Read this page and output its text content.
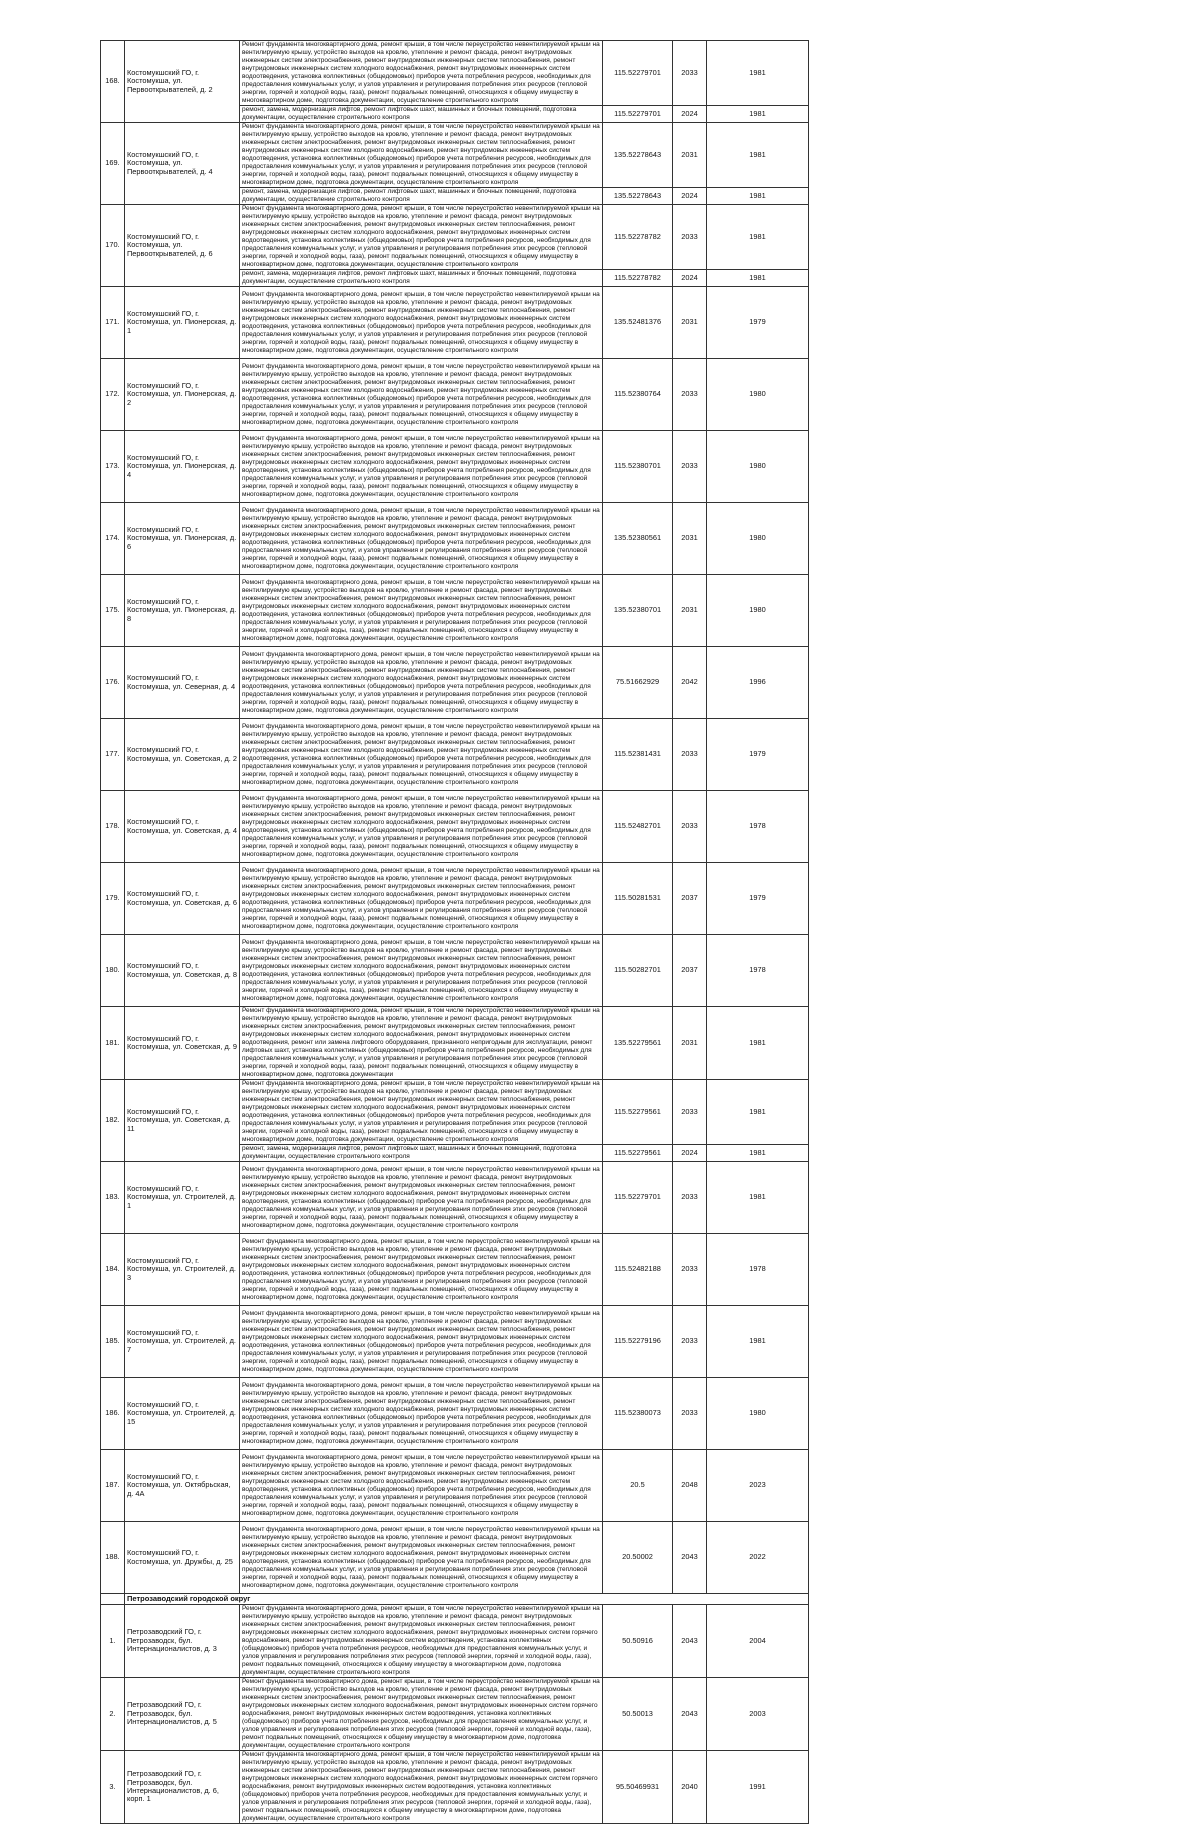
168.	Костомукшский ГО, г. Костомукша, ул. Первооткрывателей, д. 2	Ремонт фундамента многоквартирного дома, ремонт крыши, в том числе переустройство невентилируемой крыши на вентилируемую крышу, устройство выходов на кровлю, утепление и ремонт фасада, ремонт внутридомовых инженерных систем электроснабжения, ремонт внутридомовых инженерных систем теплоснабжения, ремонт внутридомовых инженерных систем холодного водоснабжения, ремонт внутридомовых инженерных систем водоотведения, установка коллективных (общедомовых) приборов учета потребления ресурсов, необходимых для предоставления коммунальных услуг, и узлов управления и регулирования потребления этих ресурсов (тепловой энергии, горячей и холодной воды, газа), ремонт подвальных помещений, относящихся к общему имуществу в многоквартирном доме, подготовка документации, осуществление строительного контроля	115.52279701	2033	1981

		ремонт, замена, модернизация лифтов, ремонт лифтовых шахт, машинных и блочных помещений, подготовка документации, осуществление строительного контроля	115.52279701	2024	1981
169.	Костомукшский ГО, г. Костомукша, ул. Первооткрывателей, д. 4	Ремонт фундамента многоквартирного дома, ремонт крыши, в том числе переустройство невентилируемой крыши на вентилируемую крышу, устройство выходов на кровлю, утепление и ремонт фасада, ремонт внутридомовых инженерных систем электроснабжения, ремонт внутридомовых инженерных систем теплоснабжения, ремонт внутридомовых инженерных систем холодного водоснабжения, ремонт внутридомовых инженерных систем водоотведения, установка коллективных (общедомовых) приборов учета потребления ресурсов, необходимых для предоставления коммунальных услуг, и узлов управления и регулирования потребления этих ресурсов (тепловой энергии, горячей и холодной воды, газа), ремонт подвальных помещений, относящихся к общему имуществу в многоквартирном доме, подготовка документации, осуществление строительного контроля	135.52278643	2031	1981

		ремонт, замена, модернизация лифтов, ремонт лифтовых шахт, машинных и блочных помещений, подготовка документации, осуществление строительного контроля	135.52278643	2024	1981
170.	Костомукшский ГО, г. Костомукша, ул. Первооткрывателей, д. 6	Ремонт фундамента многоквартирного дома, ремонт крыши, в том числе переустройство невентилируемой крыши на вентилируемую крышу, устройство выходов на кровлю, утепление и ремонт фасада, ремонт внутридомовых инженерных систем электроснабжения, ремонт внутридомовых инженерных систем теплоснабжения, ремонт внутридомовых инженерных систем холодного водоснабжения, ремонт внутридомовых инженерных систем водоотведения, установка коллективных (общедомовых) приборов учета потребления ресурсов, необходимых для предоставления коммунальных услуг, и узлов управления и регулирования потребления этих ресурсов (тепловой энергии, горячей и холодной воды, газа), ремонт подвальных помещений, относящихся к общему имуществу в многоквартирном доме, подготовка документации, осуществление строительного контроля	115.52278782	2033	1981

		ремонт, замена, модернизация лифтов, ремонт лифтовых шахт, машинных и блочных помещений, подготовка документации, осуществление строительного контроля	115.52278782	2024	1981
171.	Костомукшский ГО, г. Костомукша, ул. Пионерская, д. 1	Ремонт фундамента многоквартирного дома, ремонт крыши, в том числе переустройство невентилируемой крыши на вентилируемую крышу, устройство выходов на кровлю, утепление и ремонт фасада, ремонт внутридомовых инженерных систем электроснабжения, ремонт внутридомовых инженерных систем теплоснабжения, ремонт внутридомовых инженерных систем холодного водоснабжения, ремонт внутридомовых инженерных систем водоотведения, установка коллективных (общедомовых) приборов учета потребления ресурсов, необходимых для предоставления коммунальных услуг, и узлов управления и регулирования потребления этих ресурсов (тепловой энергии, горячей и холодной воды, газа), ремонт подвальных помещений, относящихся к общему имуществу в многоквартирном доме, подготовка документации, осуществление строительного контроля	135.52481376	2031	1979
172.	Костомукшский ГО, г. Костомукша, ул. Пионерская, д. 2	Ремонт фундамента многоквартирного дома, ремонт крыши, в том числе переустройство невентилируемой крыши на вентилируемую крышу, устройство выходов на кровлю, утепление и ремонт фасада, ремонт внутридомовых инженерных систем электроснабжения, ремонт внутридомовых инженерных систем теплоснабжения, ремонт внутридомовых инженерных систем холодного водоснабжения, ремонт внутридомовых инженерных систем водоотведения, установка коллективных (общедомовых) приборов учета потребления ресурсов, необходимых для предоставления коммунальных услуг, и узлов управления и регулирования потребления этих ресурсов (тепловой энергии, горячей и холодной воды, газа), ремонт подвальных помещений, относящихся к общему имуществу в многоквартирном доме, подготовка документации, осуществление строительного контроля	115.52380764	2033	1980
173.	Костомукшский ГО, г. Костомукша, ул. Пионерская, д. 4	Ремонт фундамента многоквартирного дома, ремонт крыши, в том числе переустройство невентилируемой крыши на вентилируемую крышу, устройство выходов на кровлю, утепление и ремонт фасада, ремонт внутридомовых инженерных систем электроснабжения, ремонт внутридомовых инженерных систем теплоснабжения, ремонт внутридомовых инженерных систем холодного водоснабжения, ремонт внутридомовых инженерных систем водоотведения, установка коллективных (общедомовых) приборов учета потребления ресурсов, необходимых для предоставления коммунальных услуг, и узлов управления и регулирования потребления этих ресурсов (тепловой энергии, горячей и холодной воды, газа), ремонт подвальных помещений, относящихся к общему имуществу в многоквартирном доме, подготовка документации, осуществление строительного контроля	115.52380701	2033	1980
174.	Костомукшский ГО, г. Костомукша, ул. Пионерская, д. 6	Ремонт фундамента многоквартирного дома, ремонт крыши, в том числе переустройство невентилируемой крыши на вентилируемую крышу, устройство выходов на кровлю, утепление и ремонт фасада, ремонт внутридомовых инженерных систем электроснабжения, ремонт внутридомовых инженерных систем теплоснабжения, ремонт внутридомовых инженерных систем холодного водоснабжения, ремонт внутридомовых инженерных систем водоотведения, установка коллективных (общедомовых) приборов учета потребления ресурсов, необходимых для предоставления коммунальных услуг, и узлов управления и регулирования потребления этих ресурсов (тепловой энергии, горячей и холодной воды, газа), ремонт подвальных помещений, относящихся к общему имуществу в многоквартирном доме, подготовка документации, осуществление строительного контроля	135.52380561	2031	1980
175.	Костомукшский ГО, г. Костомукша, ул. Пионерская, д. 8	Ремонт фундамента многоквартирного дома, ремонт крыши, в том числе переустройство невентилируемой крыши на вентилируемую крышу, устройство выходов на кровлю, утепление и ремонт фасада, ремонт внутридомовых инженерных систем электроснабжения, ремонт внутридомовых инженерных систем теплоснабжения, ремонт внутридомовых инженерных систем холодного водоснабжения, ремонт внутридомовых инженерных систем водоотведения, установка коллективных (общедомовых) приборов учета потребления ресурсов, необходимых для предоставления коммунальных услуг, и узлов управления и регулирования потребления этих ресурсов (тепловой энергии, горячей и холодной воды, газа), ремонт подвальных помещений, относящихся к общему имуществу в многоквартирном доме, подготовка документации, осуществление строительного контроля	135.52380701	2031	1980
176.	Костомукшский ГО, г. Костомукша, ул. Северная, д. 4	Ремонт фундамента многоквартирного дома, ремонт крыши, в том числе переустройство невентилируемой крыши на вентилируемую крышу, устройство выходов на кровлю, утепление и ремонт фасада, ремонт внутридомовых инженерных систем электроснабжения, ремонт внутридомовых инженерных систем теплоснабжения, ремонт внутридомовых инженерных систем холодного водоснабжения, ремонт внутридомовых инженерных систем водоотведения, установка коллективных (общедомовых) приборов учета потребления ресурсов, необходимых для предоставления коммунальных услуг, и узлов управления и регулирования потребления этих ресурсов (тепловой энергии, горячей и холодной воды, газа), ремонт подвальных помещений, относящихся к общему имуществу в многоквартирном доме, подготовка документации, осуществление строительного контроля	75.51662929	2042	1996
177.	Костомукшский ГО, г. Костомукша, ул. Советская, д. 2	Ремонт фундамента многоквартирного дома, ремонт крыши, в том числе переустройство невентилируемой крыши на вентилируемую крышу, устройство выходов на кровлю, утепление и ремонт фасада, ремонт внутридомовых инженерных систем электроснабжения, ремонт внутридомовых инженерных систем теплоснабжения, ремонт внутридомовых инженерных систем холодного водоснабжения, ремонт внутридомовых инженерных систем водоотведения, установка коллективных (общедомовых) приборов учета потребления ресурсов, необходимых для предоставления коммунальных услуг, и узлов управления и регулирования потребления этих ресурсов (тепловой энергии, горячей и холодной воды, газа), ремонт подвальных помещений, относящихся к общему имуществу в многоквартирном доме, подготовка документации, осуществление строительного контроля	115.52381431	2033	1979
178.	Костомукшский ГО, г. Костомукша, ул. Советская, д. 4	Ремонт фундамента многоквартирного дома, ремонт крыши, в том числе переустройство невентилируемой крыши на вентилируемую крышу, устройство выходов на кровлю, утепление и ремонт фасада, ремонт внутридомовых инженерных систем электроснабжения, ремонт внутридомовых инженерных систем теплоснабжения, ремонт внутридомовых инженерных систем холодного водоснабжения, ремонт внутридомовых инженерных систем водоотведения, установка коллективных (общедомовых) приборов учета потребления ресурсов, необходимых для предоставления коммунальных услуг, и узлов управления и регулирования потребления этих ресурсов (тепловой энергии, горячей и холодной воды, газа), ремонт подвальных помещений, относящихся к общему имуществу в многоквартирном доме, подготовка документации, осуществление строительного контроля	115.52482701	2033	1978
179.	Костомукшский ГО, г. Костомукша, ул. Советская, д. 6	Ремонт фундамента многоквартирного дома, ремонт крыши, в том числе переустройство невентилируемой крыши на вентилируемую крышу, устройство выходов на кровлю, утепление и ремонт фасада, ремонт внутридомовых инженерных систем электроснабжения, ремонт внутридомовых инженерных систем теплоснабжения, ремонт внутридомовых инженерных систем холодного водоснабжения, ремонт внутридомовых инженерных систем водоотведения, установка коллективных (общедомовых) приборов учета потребления ресурсов, необходимых для предоставления коммунальных услуг, и узлов управления и регулирования потребления этих ресурсов (тепловой энергии, горячей и холодной воды, газа), ремонт подвальных помещений, относящихся к общему имуществу в многоквартирном доме, подготовка документации, осуществление строительного контроля	115.50281531	2037	1979
180.	Костомукшский ГО, г. Костомукша, ул. Советская, д. 8	Ремонт фундамента многоквартирного дома, ремонт крыши, в том числе переустройство невентилируемой крыши на вентилируемую крышу, устройство выходов на кровлю, утепление и ремонт фасада, ремонт внутридомовых инженерных систем электроснабжения, ремонт внутридомовых инженерных систем теплоснабжения, ремонт внутридомовых инженерных систем холодного водоснабжения, ремонт внутридомовых инженерных систем водоотведения, установка коллективных (общедомовых) приборов учета потребления ресурсов, необходимых для предоставления коммунальных услуг, и узлов управления и регулирования потребления этих ресурсов (тепловой энергии, горячей и холодной воды, газа), ремонт подвальных помещений, относящихся к общему имуществу в многоквартирном доме, подготовка документации, осуществление строительного контроля	115.50282701	2037	1978
181.	Костомукшский ГО, г. Костомукша, ул. Советская, д. 9	Ремонт фундамента многоквартирного дома, ремонт крыши, в том числе переустройство невентилируемой крыши на вентилируемую крышу, устройство выходов на кровлю, утепление и ремонт фасада, ремонт внутридомовых инженерных систем электроснабжения, ремонт внутридомовых инженерных систем теплоснабжения, ремонт внутридомовых инженерных систем холодного водоснабжения, ремонт внутридомовых инженерных систем водоотведения, ремонт или замена лифтового оборудования, признанного непригодным для эксплуатации, ремонт лифтовых шахт, установка коллективных (общедомовых) приборов учета потребления ресурсов, необходимых для предоставления коммунальных услуг, и узлов управления и регулирования потребления этих ресурсов (тепловой энергии, горячей и холодной воды, газа), ремонт подвальных помещений, относящихся к общему имуществу в многоквартирном доме, подготовка документации	135.52279561	2031	1981
182.	Костомукшский ГО, г. Костомукша, ул. Советская, д. 11	Ремонт фундамента многоквартирного дома, ремонт крыши, в том числе переустройство невентилируемой крыши на вентилируемую крышу, устройство выходов на кровлю, утепление и ремонт фасада, ремонт внутридомовых инженерных систем электроснабжения, ремонт внутридомовых инженерных систем теплоснабжения, ремонт внутридомовых инженерных систем холодного водоснабжения, ремонт внутридомовых инженерных систем водоотведения, установка коллективных (общедомовых) приборов учета потребления ресурсов, необходимых для предоставления коммунальных услуг, и узлов управления и регулирования потребления этих ресурсов (тепловой энергии, горячей и холодной воды, газа), ремонт подвальных помещений, относящихся к общему имуществу в многоквартирном доме, подготовка документации, осуществление строительного контроля	115.52279561	2033	1981

		ремонт, замена, модернизация лифтов, ремонт лифтовых шахт, машинных и блочных помещений, подготовка документации, осуществление строительного контроля	115.52279561	2024	1981
183.	Костомукшский ГО, г. Костомукша, ул. Строителей, д. 1	Ремонт фундамента многоквартирного дома, ремонт крыши, в том числе переустройство невентилируемой крыши на вентилируемую крышу, устройство выходов на кровлю, утепление и ремонт фасада, ремонт внутридомовых инженерных систем электроснабжения, ремонт внутридомовых инженерных систем теплоснабжения, ремонт внутридомовых инженерных систем холодного водоснабжения, ремонт внутридомовых инженерных систем водоотведения, установка коллективных (общедомовых) приборов учета потребления ресурсов, необходимых для предоставления коммунальных услуг, и узлов управления и регулирования потребления этих ресурсов (тепловой энергии, горячей и холодной воды, газа), ремонт подвальных помещений, относящихся к общему имуществу в многоквартирном доме, подготовка документации, осуществление строительного контроля	115.52279701	2033	1981
184.	Костомукшский ГО, г. Костомукша, ул. Строителей, д. 3	Ремонт фундамента многоквартирного дома, ремонт крыши, в том числе переустройство невентилируемой крыши на вентилируемую крышу, устройство выходов на кровлю, утепление и ремонт фасада, ремонт внутридомовых инженерных систем электроснабжения, ремонт внутридомовых инженерных систем теплоснабжения, ремонт внутридомовых инженерных систем холодного водоснабжения, ремонт внутридомовых инженерных систем водоотведения, установка коллективных (общедомовых) приборов учета потребления ресурсов, необходимых для предоставления коммунальных услуг, и узлов управления и регулирования потребления этих ресурсов (тепловой энергии, горячей и холодной воды, газа), ремонт подвальных помещений, относящихся к общему имуществу в многоквартирном доме, подготовка документации, осуществление строительного контроля	115.52482188	2033	1978
185.	Костомукшский ГО, г. Костомукша, ул. Строителей, д. 7	Ремонт фундамента многоквартирного дома, ремонт крыши, в том числе переустройство невентилируемой крыши на вентилируемую крышу, устройство выходов на кровлю, утепление и ремонт фасада, ремонт внутридомовых инженерных систем электроснабжения, ремонт внутридомовых инженерных систем теплоснабжения, ремонт внутридомовых инженерных систем холодного водоснабжения, ремонт внутридомовых инженерных систем водоотведения, установка коллективных (общедомовых) приборов учета потребления ресурсов, необходимых для предоставления коммунальных услуг, и узлов управления и регулирования потребления этих ресурсов (тепловой энергии, горячей и холодной воды, газа), ремонт подвальных помещений, относящихся к общему имуществу в многоквартирном доме, подготовка документации, осуществление строительного контроля	115.52279196	2033	1981
186.	Костомукшский ГО, г. Костомукша, ул. Строителей, д. 15	Ремонт фундамента многоквартирного дома, ремонт крыши, в том числе переустройство невентилируемой крыши на вентилируемую крышу, устройство выходов на кровлю, утепление и ремонт фасада, ремонт внутридомовых инженерных систем электроснабжения, ремонт внутридомовых инженерных систем теплоснабжения, ремонт внутридомовых инженерных систем холодного водоснабжения, ремонт внутридомовых инженерных систем водоотведения, установка коллективных (общедомовых) приборов учета потребления ресурсов, необходимых для предоставления коммунальных услуг, и узлов управления и регулирования потребления этих ресурсов (тепловой энергии, горячей и холодной воды, газа), ремонт подвальных помещений, относящихся к общему имуществу в многоквартирном доме, подготовка документации, осуществление строительного контроля	115.52380073	2033	1980
187.	Костомукшский ГО, г. Костомукша, ул. Октябрьская, д. 4А	Ремонт фундамента многоквартирного дома, ремонт крыши, в том числе переустройство невентилируемой крыши на вентилируемую крышу, устройство выходов на кровлю, утепление и ремонт фасада, ремонт внутридомовых инженерных систем электроснабжения, ремонт внутридомовых инженерных систем теплоснабжения, ремонт внутридомовых инженерных систем холодного водоснабжения, ремонт внутридомовых инженерных систем водоотведения, установка коллективных (общедомовых) приборов учета потребления ресурсов, необходимых для предоставления коммунальных услуг, и узлов управления и регулирования потребления этих ресурсов (тепловой энергии, горячей и холодной воды, газа), ремонт подвальных помещений, относящихся к общему имуществу в многоквартирном доме, подготовка документации, осуществление строительного контроля	20.5	2048	2023
188.	Костомукшский ГО, г. Костомукша, ул. Дружбы, д. 25	Ремонт фундамента многоквартирного дома, ремонт крыши, в том числе переустройство невентилируемой крыши на вентилируемую крышу, устройство выходов на кровлю, утепление и ремонт фасада, ремонт внутридомовых инженерных систем электроснабжения, ремонт внутридомовых инженерных систем теплоснабжения, ремонт внутридомовых инженерных систем холодного водоснабжения, ремонт внутридомовых инженерных систем водоотведения, установка коллективных (общедомовых) приборов учета потребления ресурсов, необходимых для предоставления коммунальных услуг, и узлов управления и регулирования потребления этих ресурсов (тепловой энергии, горячей и холодной воды, газа), ремонт подвальных помещений, относящихся к общему имуществу в многоквартирном доме, подготовка документации, осуществление строительного контроля	20.50002	2043	2022
	Петрозаводский городской округ				
1.	Петрозаводский ГО, г. Петрозаводск, бул. Интернационалистов, д. 3	Ремонт фундамента многоквартирного дома, ремонт крыши, в том числе переустройство невентилируемой крыши на вентилируемую крышу, устройство выходов на кровлю, утепление и ремонт фасада, ремонт внутридомовых инженерных систем электроснабжения, ремонт внутридомовых инженерных систем теплоснабжения, ремонт внутридомовых инженерных систем холодного водоснабжения, ремонт внутридомовых инженерных систем горячего водоснабжения, ремонт внутридомовых инженерных систем водоотведения, установка коллективных (общедомовых) приборов учета потребления ресурсов, необходимых для предоставления коммунальных услуг, и узлов управления и регулирования потребления этих ресурсов (тепловой энергии, горячей и холодной воды, газа), ремонт подвальных помещений, относящихся к общему имуществу в многоквартирном доме, подготовка документации, осуществление строительного контроля	50.50916	2043	2004
2.	Петрозаводский ГО, г. Петрозаводск, бул. Интернационалистов, д. 5	Ремонт фундамента многоквартирного дома, ремонт крыши, в том числе переустройство невентилируемой крыши на вентилируемую крышу, устройство выходов на кровлю, утепление и ремонт фасада, ремонт внутридомовых инженерных систем электроснабжения, ремонт внутридомовых инженерных систем теплоснабжения, ремонт внутридомовых инженерных систем холодного водоснабжения, ремонт внутридомовых инженерных систем горячего водоснабжения, ремонт внутридомовых инженерных систем водоотведения, установка коллективных (общедомовых) приборов учета потребления ресурсов, необходимых для предоставления коммунальных услуг, и узлов управления и регулирования потребления этих ресурсов (тепловой энергии, горячей и холодной воды, газа), ремонт подвальных помещений, относящихся к общему имуществу в многоквартирном доме, подготовка документации, осуществление строительного контроля	50.50013	2043	2003
3.	Петрозаводский ГО, г. Петрозаводск, бул. Интернационалистов, д. 6, корп. 1	Ремонт фундамента многоквартирного дома, ремонт крыши, в том числе переустройство невентилируемой крыши на вентилируемую крышу, устройство выходов на кровлю, утепление и ремонт фасада, ремонт внутридомовых инженерных систем электроснабжения, ремонт внутридомовых инженерных систем теплоснабжения, ремонт внутридомовых инженерных систем холодного водоснабжения, ремонт внутридомовых инженерных систем горячего водоснабжения, ремонт внутридомовых инженерных систем водоотведения, установка коллективных (общедомовых) приборов учета потребления ресурсов, необходимых для предоставления коммунальных услуг, и узлов управления и регулирования потребления этих ресурсов (тепловой энергии, горячей и холодной воды, газа), ремонт подвальных помещений, относящихся к общему имуществу в многоквартирном доме, подготовка документации, осуществление строительного контроля	95.50469931	2040	1991
